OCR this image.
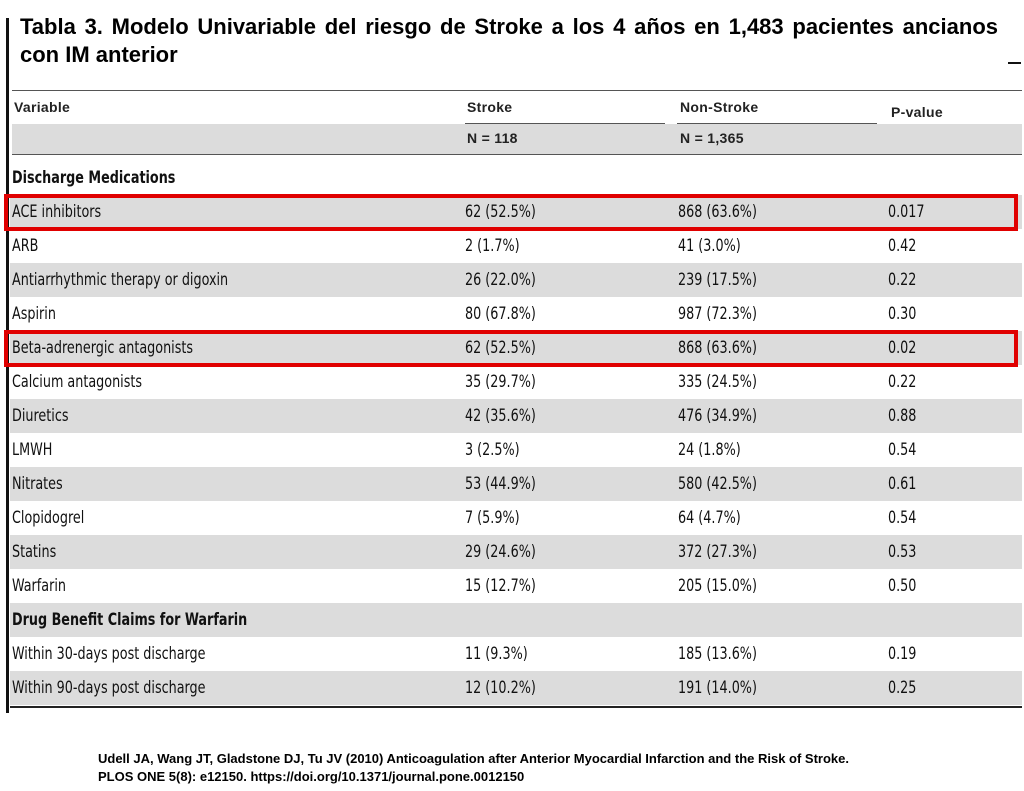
Tabla 3. Modelo Univariable del riesgo de Stroke a los 4 años en 1,483 pacientes ancianos con IM anterior
Variable	Stroke	Non-Stroke	P-value
N = 118	N = 1,365
Discharge Medications
ACE inhibitors	62 (52.5%)	868 (63.6%)	0.017
ARB	2 (1.7%)	41 (3.0%)	0.42
Antiarrhythmic therapy or digoxin	26 (22.0%)	239 (17.5%)	0.22
Aspirin	80 (67.8%)	987 (72.3%)	0.30
Beta-adrenergic antagonists	62 (52.5%)	868 (63.6%)	0.02
Calcium antagonists	35 (29.7%)	335 (24.5%)	0.22
Diuretics	42 (35.6%)	476 (34.9%)	0.88
LMWH	3 (2.5%)	24 (1.8%)	0.54
Nitrates	53 (44.9%)	580 (42.5%)	0.61
Clopidogrel	7 (5.9%)	64 (4.7%)	0.54
Statins	29 (24.6%)	372 (27.3%)	0.53
Warfarin	15 (12.7%)	205 (15.0%)	0.50
Drug Benefit Claims for Warfarin
Within 30-days post discharge	11 (9.3%)	185 (13.6%)	0.19
Within 90-days post discharge	12 (10.2%)	191 (14.0%)	0.25
Udell JA, Wang JT, Gladstone DJ, Tu JV (2010) Anticoagulation after Anterior Myocardial Infarction and the Risk of Stroke.
PLOS ONE 5(8): e12150. https://doi.org/10.1371/journal.pone.0012150
